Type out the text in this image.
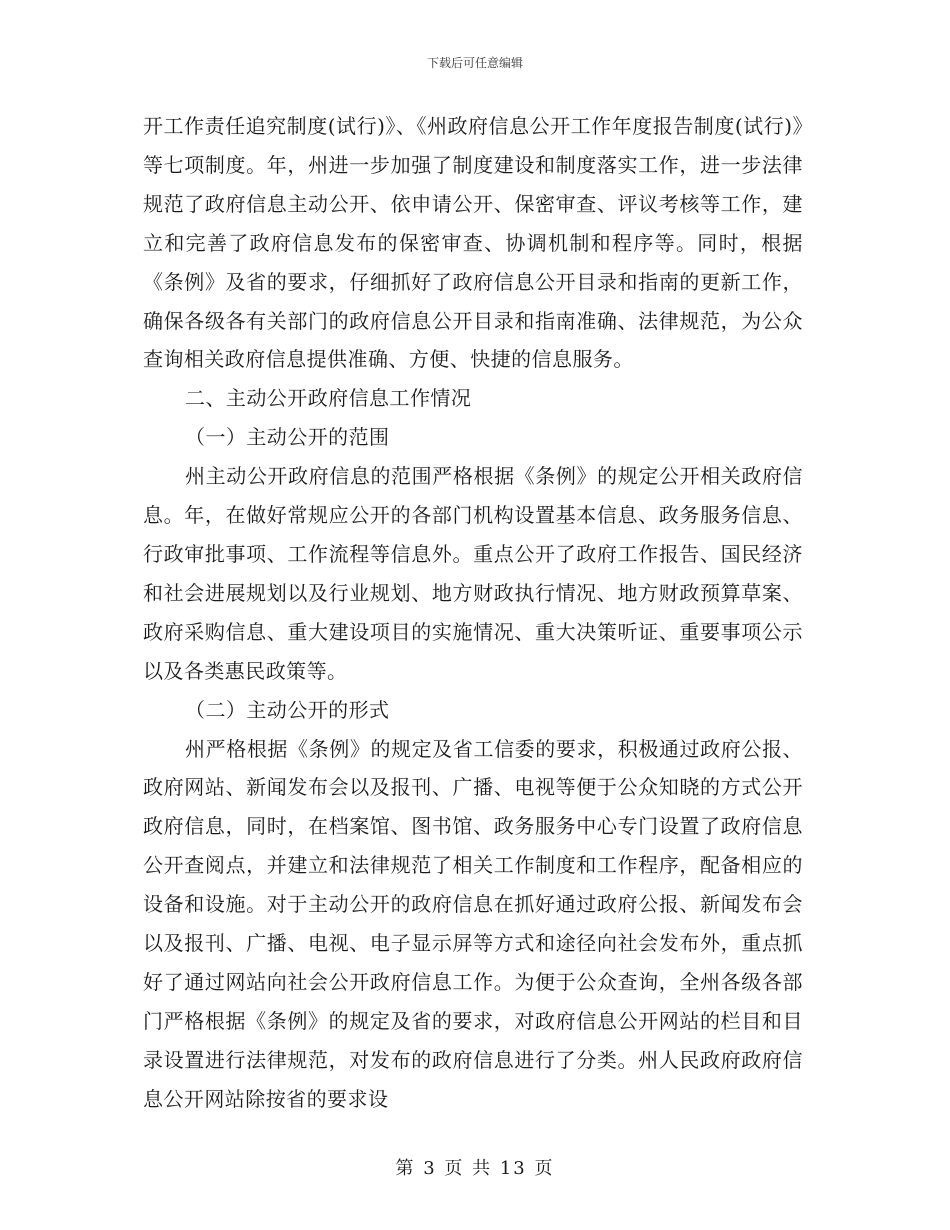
下载后可任意编辑

开工作责任追究制度(试行)》、《州政府信息公开工作年度报告制度(试行)》等七项制度。年，州进一步加强了制度建设和制度落实工作，进一步法律规范了政府信息主动公开、依申请公开、保密审查、评议考核等工作，建立和完善了政府信息发布的保密审查、协调机制和程序等。同时，根据《条例》及省的要求，仔细抓好了政府信息公开目录和指南的更新工作，确保各级各有关部门的政府信息公开目录和指南准确、法律规范，为公众查询相关政府信息提供准确、方便、快捷的信息服务。

二、主动公开政府信息工作情况

（一）主动公开的范围

州主动公开政府信息的范围严格根据《条例》的规定公开相关政府信息。年，在做好常规应公开的各部门机构设置基本信息、政务服务信息、行政审批事项、工作流程等信息外。重点公开了政府工作报告、国民经济和社会进展规划以及行业规划、地方财政执行情况、地方财政预算草案、政府采购信息、重大建设项目的实施情况、重大决策听证、重要事项公示以及各类惠民政策等。

（二）主动公开的形式

州严格根据《条例》的规定及省工信委的要求，积极通过政府公报、政府网站、新闻发布会以及报刊、广播、电视等便于公众知晓的方式公开政府信息，同时，在档案馆、图书馆、政务服务中心专门设置了政府信息公开查阅点，并建立和法律规范了相关工作制度和工作程序，配备相应的设备和设施。对于主动公开的政府信息在抓好通过政府公报、新闻发布会以及报刊、广播、电视、电子显示屏等方式和途径向社会发布外，重点抓好了通过网站向社会公开政府信息工作。为便于公众查询，全州各级各部门严格根据《条例》的规定及省的要求，对政府信息公开网站的栏目和目录设置进行法律规范，对发布的政府信息进行了分类。州人民政府政府信息公开网站除按省的要求设

第 3 页 共 13 页
